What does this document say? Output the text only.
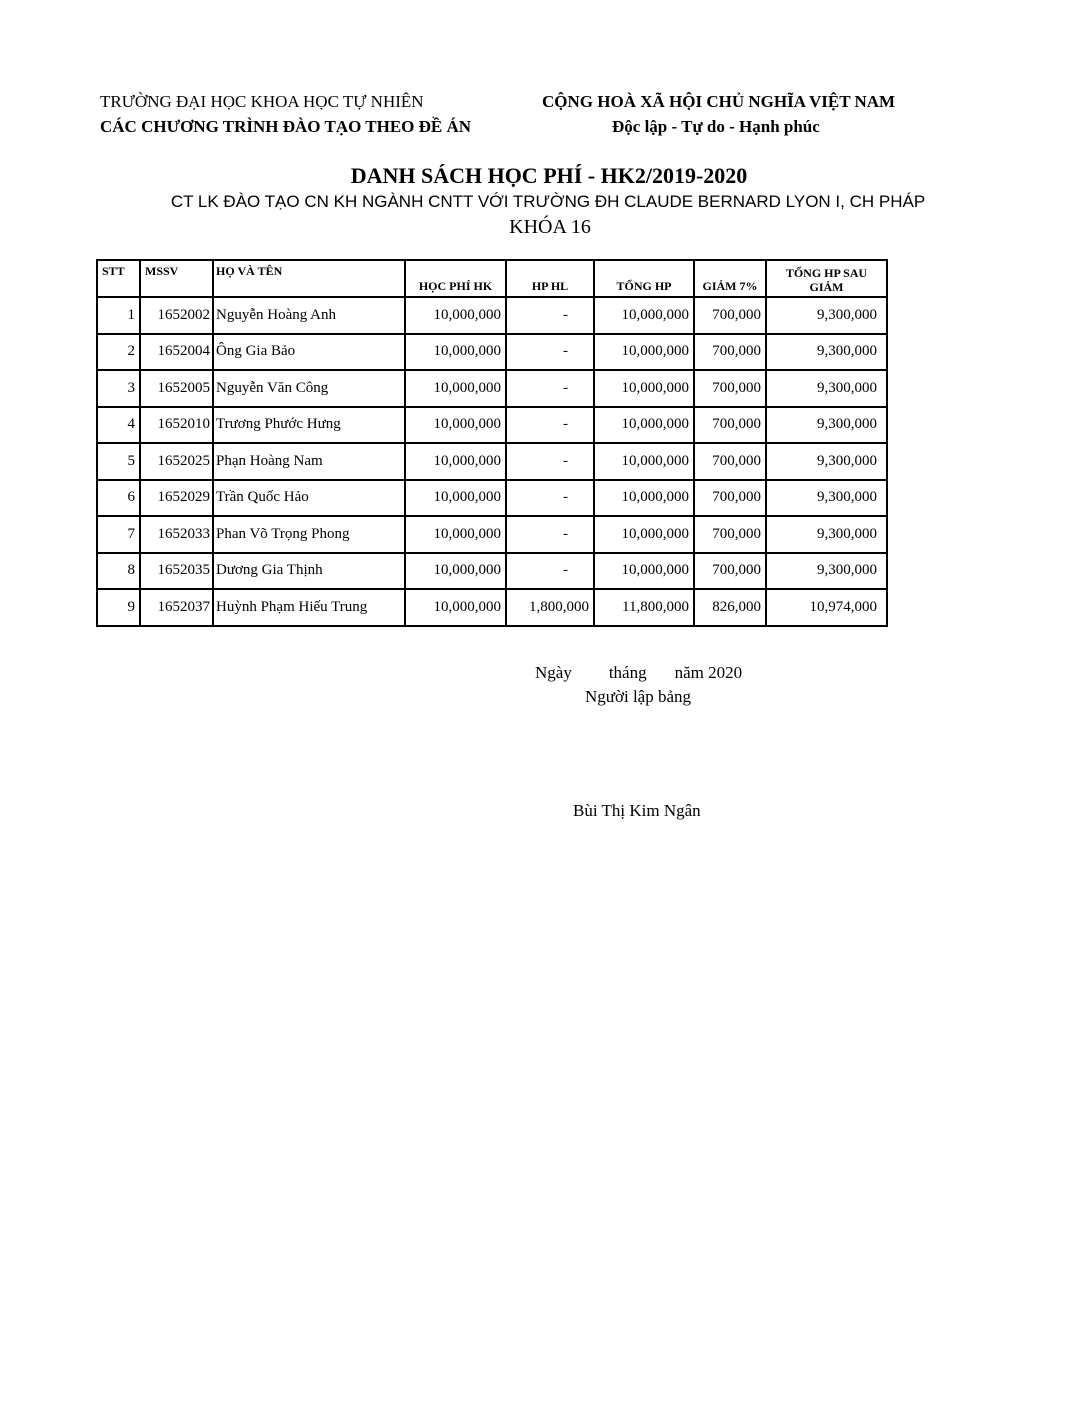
TRƯỜNG ĐẠI HỌC KHOA HỌC TỰ NHIÊN
CÁC CHƯƠNG TRÌNH ĐÀO TẠO THEO ĐỀ ÁN
CỘNG HOÀ XÃ HỘI CHỦ NGHĨA VIỆT NAM
Độc lập - Tự do - Hạnh phúc
DANH SÁCH HỌC PHÍ - HK2/2019-2020
CT LK ĐÀO TẠO CN KH NGÀNH CNTT VỚI TRƯỜNG ĐH CLAUDE BERNARD LYON I, CH PHÁP
KHÓA 16
STT	MSSV	HỌ VÀ TÊN	HỌC PHÍ HK	HP HL	TỔNG HP	GIẢM 7%	TỔNG HP SAU GIẢM
1	1652002	Nguyễn Hoàng Anh	10,000,000	-	10,000,000	700,000	9,300,000
2	1652004	Ông Gia Bảo	10,000,000	-	10,000,000	700,000	9,300,000
3	1652005	Nguyễn Văn Công	10,000,000	-	10,000,000	700,000	9,300,000
4	1652010	Trương Phước Hưng	10,000,000	-	10,000,000	700,000	9,300,000
5	1652025	Phạn Hoàng Nam	10,000,000	-	10,000,000	700,000	9,300,000
6	1652029	Trần Quốc Hảo	10,000,000	-	10,000,000	700,000	9,300,000
7	1652033	Phan Võ Trọng Phong	10,000,000	-	10,000,000	700,000	9,300,000
8	1652035	Dương Gia Thịnh	10,000,000	-	10,000,000	700,000	9,300,000
9	1652037	Huỳnh Phạm Hiếu Trung	10,000,000	1,800,000	11,800,000	826,000	10,974,000
Ngày tháng năm 2020
Người lập bảng
Bùi Thị Kim Ngân
